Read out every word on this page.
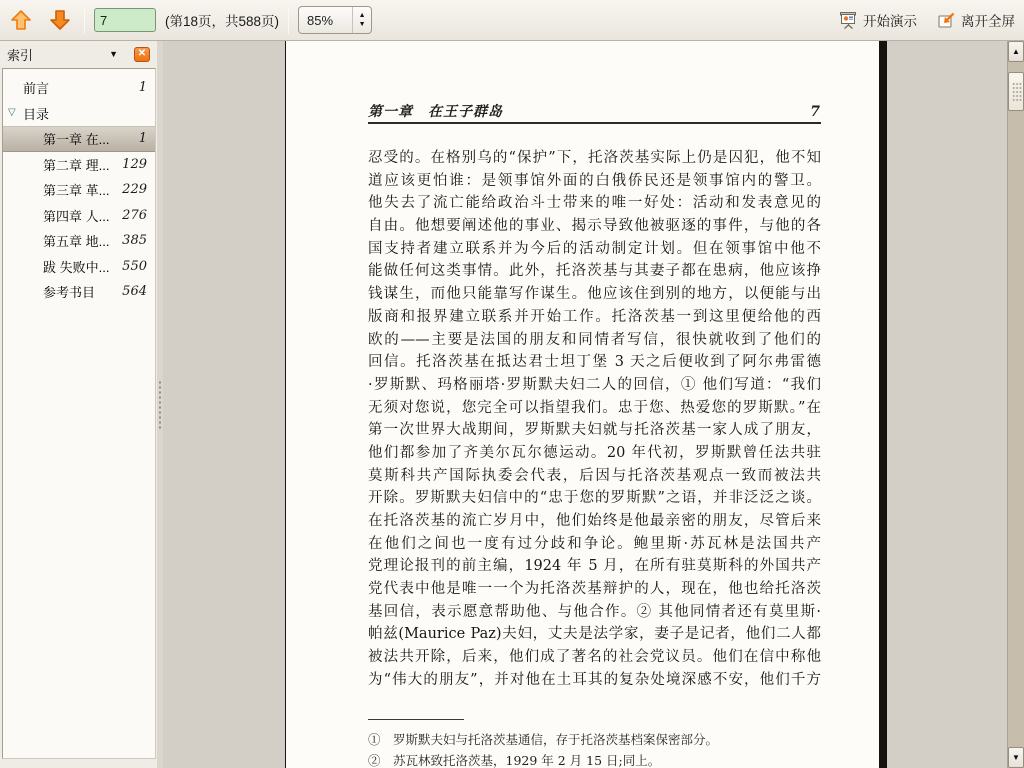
7
(第18页，共588页)	85%	▲
▼	开始演示	离开全屏
索引	▼	✕
前言	1
▽ 目录
第一章 在... 1
第二章 理... 129
第三章 革... 229
第四章 人... 276
第五章 地... 385
跋 失败中... 550
参考书目 564
第一章　在王子群岛	7
忍受的。在格别乌的“保护”下，托洛茨基实际上仍是囚犯，他不知
道应该更怕谁：是领事馆外面的白俄侨民还是领事馆内的警卫。
他失去了流亡能给政治斗士带来的唯一好处：活动和发表意见的
自由。他想要阐述他的事业、揭示导致他被驱逐的事件，与他的各
国支持者建立联系并为今后的活动制定计划。但在领事馆中他不
能做任何这类事情。此外，托洛茨基与其妻子都在患病，他应该挣
钱谋生，而他只能靠写作谋生。他应该住到别的地方，以便能与出
版商和报界建立联系并开始工作。托洛茨基一到这里便给他的西
欧的——主要是法国的朋友和同情者写信，很快就收到了他们的
回信。托洛茨基在抵达君士坦丁堡 3 天之后便收到了阿尔弗雷德
·罗斯默、玛格丽塔·罗斯默夫妇二人的回信，① 他们写道：“我们
无须对您说，您完全可以指望我们。忠于您、热爱您的罗斯默。”在
第一次世界大战期间，罗斯默夫妇就与托洛茨基一家人成了朋友，
他们都参加了齐美尔瓦尔德运动。20 年代初，罗斯默曾任法共驻
莫斯科共产国际执委会代表，后因与托洛茨基观点一致而被法共
开除。罗斯默夫妇信中的“忠于您的罗斯默”之语，并非泛泛之谈。
在托洛茨基的流亡岁月中，他们始终是他最亲密的朋友，尽管后来
在他们之间也一度有过分歧和争论。鲍里斯·苏瓦林是法国共产
党理论报刊的前主编，1924 年 5 月，在所有驻莫斯科的外国共产
党代表中他是唯一一个为托洛茨基辩护的人，现在，他也给托洛茨
基回信，表示愿意帮助他、与他合作。② 其他同情者还有莫里斯·
帕兹(Maurice Paz)夫妇，丈夫是法学家，妻子是记者，他们二人都
被法共开除，后来，他们成了著名的社会党议员。他们在信中称他
为“伟大的朋友”，并对他在土耳其的复杂处境深感不安，他们千方
①　罗斯默夫妇与托洛茨基通信，存于托洛茨基档案保密部分。
②　苏瓦林致托洛茨基，1929 年 2 月 15 日;同上。
▲
▼
